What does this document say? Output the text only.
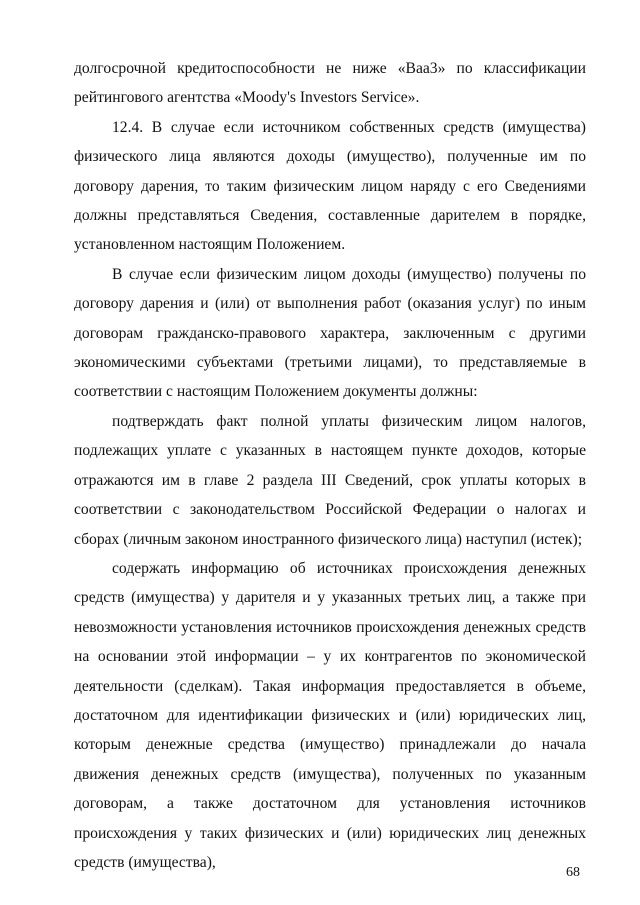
долгосрочной кредитоспособности не ниже «Baa3» по классификации рейтингового агентства «Moody's Investors Service».

12.4. В случае если источником собственных средств (имущества) физического лица являются доходы (имущество), полученные им по договору дарения, то таким физическим лицом наряду с его Сведениями должны представляться Сведения, составленные дарителем в порядке, установленном настоящим Положением.

В случае если физическим лицом доходы (имущество) получены по договору дарения и (или) от выполнения работ (оказания услуг) по иным договорам гражданско-правового характера, заключенным с другими экономическими субъектами (третьими лицами), то представляемые в соответствии с настоящим Положением документы должны:

подтверждать факт полной уплаты физическим лицом налогов, подлежащих уплате с указанных в настоящем пункте доходов, которые отражаются им в главе 2 раздела III Сведений, срок уплаты которых в соответствии с законодательством Российской Федерации о налогах и сборах (личным законом иностранного физического лица) наступил (истек);

содержать информацию об источниках происхождения денежных средств (имущества) у дарителя и у указанных третьих лиц, а также при невозможности установления источников происхождения денежных средств на основании этой информации – у их контрагентов по экономической деятельности (сделкам). Такая информация предоставляется в объеме, достаточном для идентификации физических и (или) юридических лиц, которым денежные средства (имущество) принадлежали до начала движения денежных средств (имущества), полученных по указанным договорам, а также достаточном для установления источников происхождения у таких физических и (или) юридических лиц денежных средств (имущества),

68
